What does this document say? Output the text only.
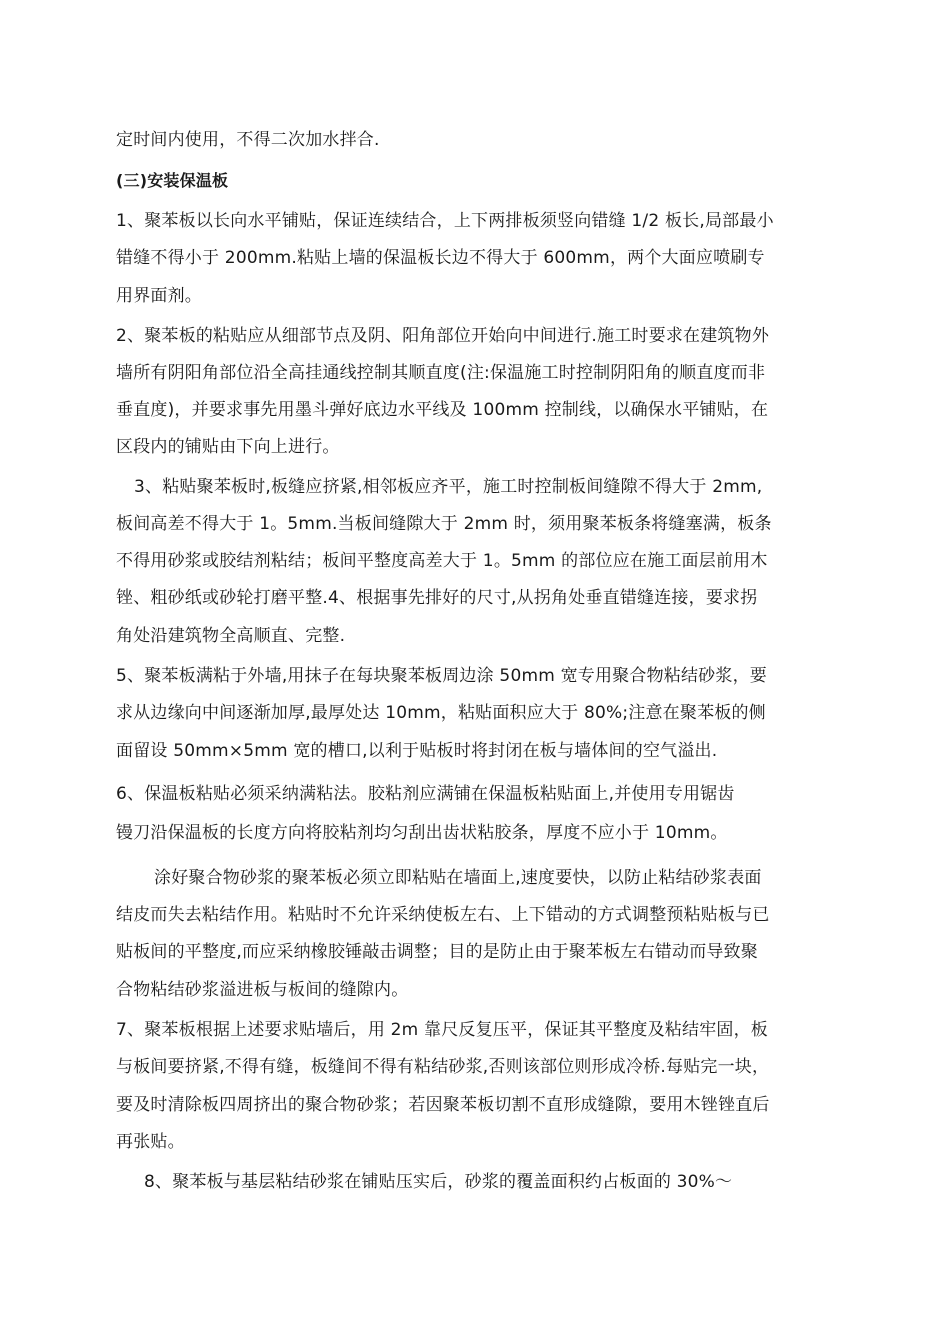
定时间内使用，不得二次加水拌合.
(三)安装保温板
1、聚苯板以长向水平铺贴，保证连续结合，上下两排板须竖向错缝 1/2 板长,局部最小
错缝不得小于 200mm.粘贴上墙的保温板长边不得大于 600mm，两个大面应喷刷专
用界面剂。
2、聚苯板的粘贴应从细部节点及阴、阳角部位开始向中间进行.施工时要求在建筑物外
墙所有阴阳角部位沿全高挂通线控制其顺直度(注:保温施工时控制阴阳角的顺直度而非
垂直度)，并要求事先用墨斗弹好底边水平线及 100mm 控制线，以确保水平铺贴，在
区段内的铺贴由下向上进行。
3、粘贴聚苯板时,板缝应挤紧,相邻板应齐平，施工时控制板间缝隙不得大于 2mm,
板间高差不得大于 1。5mm.当板间缝隙大于 2mm 时，须用聚苯板条将缝塞满，板条
不得用砂浆或胶结剂粘结；板间平整度高差大于 1。5mm 的部位应在施工面层前用木
锉、粗砂纸或砂轮打磨平整.4、根据事先排好的尺寸,从拐角处垂直错缝连接，要求拐
角处沿建筑物全高顺直、完整.
5、聚苯板满粘于外墙,用抹子在每块聚苯板周边涂 50mm 宽专用聚合物粘结砂浆，要
求从边缘向中间逐渐加厚,最厚处达 10mm，粘贴面积应大于 80%;注意在聚苯板的侧
面留设 50mm×5mm 宽的槽口,以利于贴板时将封闭在板与墙体间的空气溢出.
6、保温板粘贴必须采纳满粘法。胶粘剂应满铺在保温板粘贴面上,并使用专用锯齿
镘刀沿保温板的长度方向将胶粘剂均匀刮出齿状粘胶条，厚度不应小于 10mm。
涂好聚合物砂浆的聚苯板必须立即粘贴在墙面上,速度要快，以防止粘结砂浆表面
结皮而失去粘结作用。粘贴时不允许采纳使板左右、上下错动的方式调整预粘贴板与已
贴板间的平整度,而应采纳橡胶锤敲击调整；目的是防止由于聚苯板左右错动而导致聚
合物粘结砂浆溢进板与板间的缝隙内。
7、聚苯板根据上述要求贴墙后，用 2m 靠尺反复压平，保证其平整度及粘结牢固，板
与板间要挤紧,不得有缝，板缝间不得有粘结砂浆,否则该部位则形成冷桥.每贴完一块，
要及时清除板四周挤出的聚合物砂浆；若因聚苯板切割不直形成缝隙，要用木锉锉直后
再张贴。
8、聚苯板与基层粘结砂浆在铺贴压实后，砂浆的覆盖面积约占板面的 30%～
